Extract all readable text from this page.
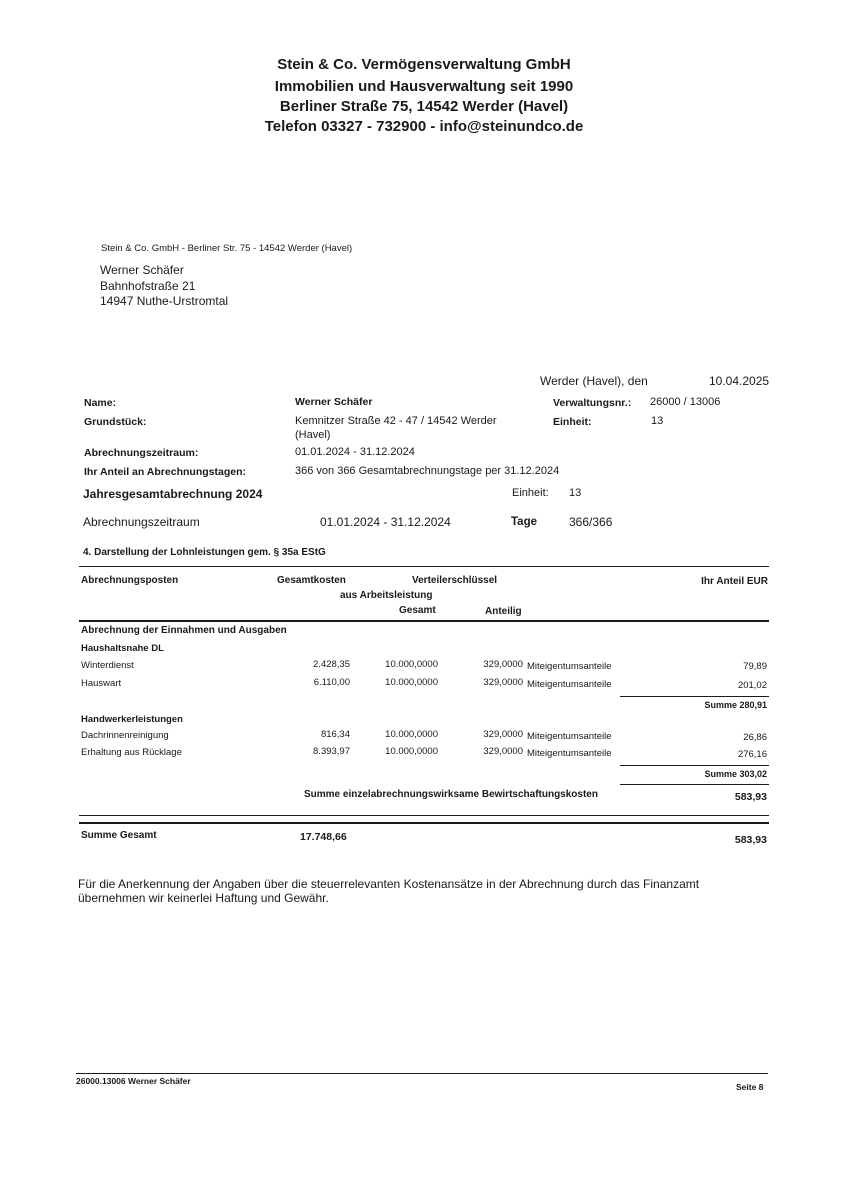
Stein & Co. Vermögensverwaltung GmbH
Immobilien und Hausverwaltung seit 1990
Berliner Straße 75, 14542 Werder (Havel)
Telefon 03327 - 732900 - info@steinundco.de
Stein & Co. GmbH - Berliner Str. 75 - 14542 Werder (Havel)
Werner Schäfer
Bahnhofstraße 21
14947 Nuthe-Urstromtal
Werder (Havel), den	10.04.2025
Name:	Werner Schäfer	Verwaltungsnr.: 26000 / 13006
Grundstück:	Kemnitzer Straße 42 - 47 / 14542 Werder
(Havel)
Einheit:	13
Abrechnungszeitraum:	01.01.2024 - 31.12.2024
Ihr Anteil an Abrechnungstagen:	366 von 366 Gesamtabrechnungstage per 31.12.2024
Jahresgesamtabrechnung 2024	Einheit: 13
Abrechnungszeitraum	01.01.2024 - 31.12.2024	Tage	366/366
4. Darstellung der Lohnleistungen gem. § 35a EStG
Abrechnungsposten	Gesamtkosten	Verteilerschlüssel	Ihr Anteil EUR
aus Arbeitsleistung
Gesamt	Anteilig
Abrechnung der Einnahmen und Ausgaben
Haushaltsnahe DL
Winterdienst	2.428,35	10.000,0000	329,0000 Miteigentumsanteile	79,89
Hauswart	6.110,00	10.000,0000	329,0000 Miteigentumsanteile	201,02
Summe 280,91
Handwerkerleistungen
Dachrinnenreinigung	816,34	10.000,0000	329,0000 Miteigentumsanteile	26,86
Erhaltung aus Rücklage	8.393,97	10.000,0000	329,0000 Miteigentumsanteile	276,16
Summe 303,02
Summe einzelabrechnungswirksame Bewirtschaftungskosten	583,93
Summe Gesamt	17.748,66	583,93
Für die Anerkennung der Angaben über die steuerrelevanten Kostenansätze in der Abrechnung durch das Finanzamt
übernehmen wir keinerlei Haftung und Gewähr.
26000.13006 Werner Schäfer
Seite 8
